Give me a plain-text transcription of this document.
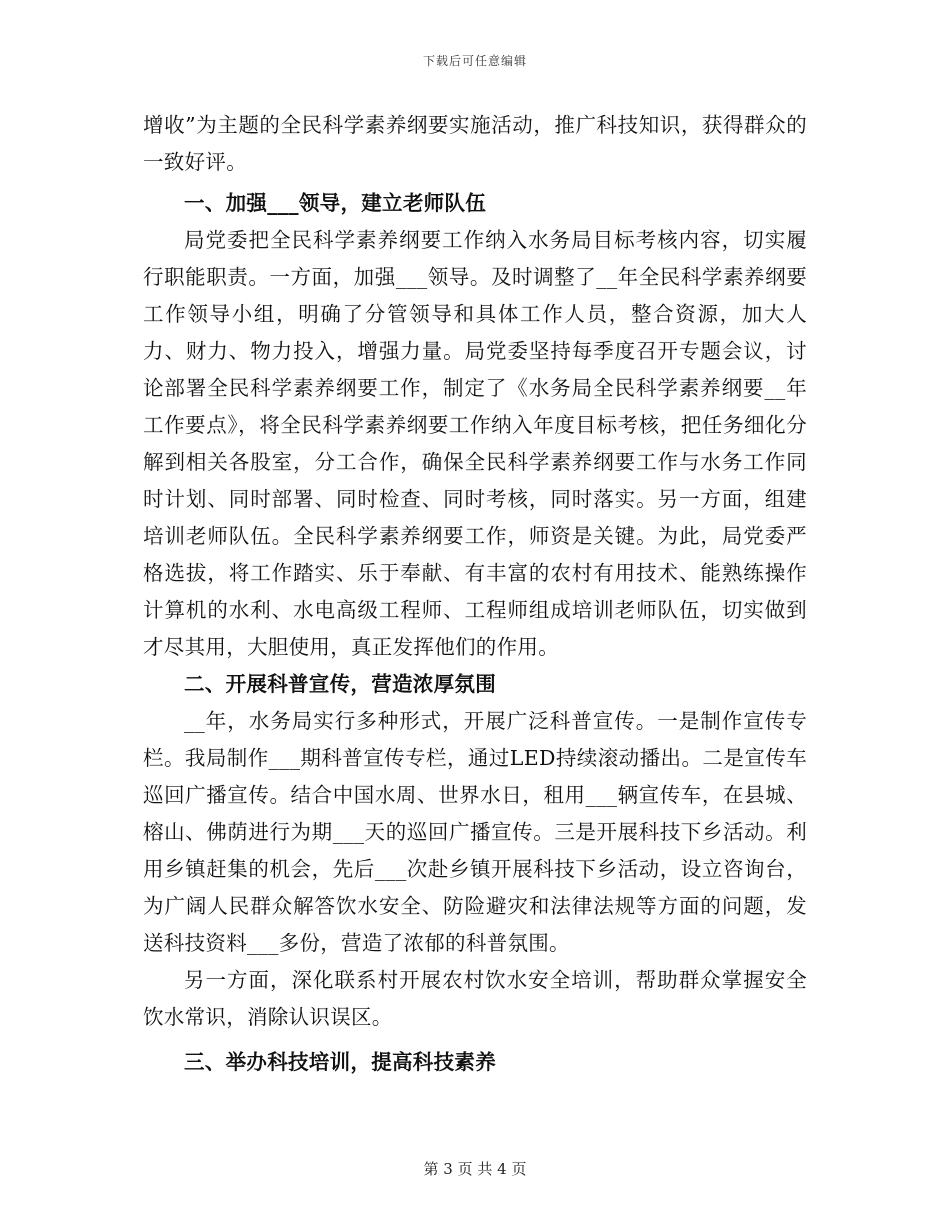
下载后可任意编辑

增收”为主题的全民科学素养纲要实施活动，推广科技知识，获得群众的一致好评。

一、加强___领导，建立老师队伍

局党委把全民科学素养纲要工作纳入水务局目标考核内容，切实履行职能职责。一方面，加强___领导。及时调整了__年全民科学素养纲要工作领导小组，明确了分管领导和具体工作人员，整合资源，加大人力、财力、物力投入，增强力量。局党委坚持每季度召开专题会议，讨论部署全民科学素养纲要工作，制定了《水务局全民科学素养纲要__年工作要点》，将全民科学素养纲要工作纳入年度目标考核，把任务细化分解到相关各股室，分工合作，确保全民科学素养纲要工作与水务工作同时计划、同时部署、同时检查、同时考核，同时落实。另一方面，组建培训老师队伍。全民科学素养纲要工作，师资是关键。为此，局党委严格选拔，将工作踏实、乐于奉献、有丰富的农村有用技术、能熟练操作计算机的水利、水电高级工程师、工程师组成培训老师队伍，切实做到才尽其用，大胆使用，真正发挥他们的作用。

二、开展科普宣传，营造浓厚氛围

__年，水务局实行多种形式，开展广泛科普宣传。一是制作宣传专栏。我局制作___期科普宣传专栏，通过LED持续滚动播出。二是宣传车巡回广播宣传。结合中国水周、世界水日，租用___辆宣传车，在县城、榕山、佛荫进行为期___天的巡回广播宣传。三是开展科技下乡活动。利用乡镇赶集的机会，先后___次赴乡镇开展科技下乡活动，设立咨询台，为广阔人民群众解答饮水安全、防险避灾和法律法规等方面的问题，发送科技资料___多份，营造了浓郁的科普氛围。

另一方面，深化联系村开展农村饮水安全培训，帮助群众掌握安全饮水常识，消除认识误区。

三、举办科技培训，提高科技素养
第 3 页 共 4 页
